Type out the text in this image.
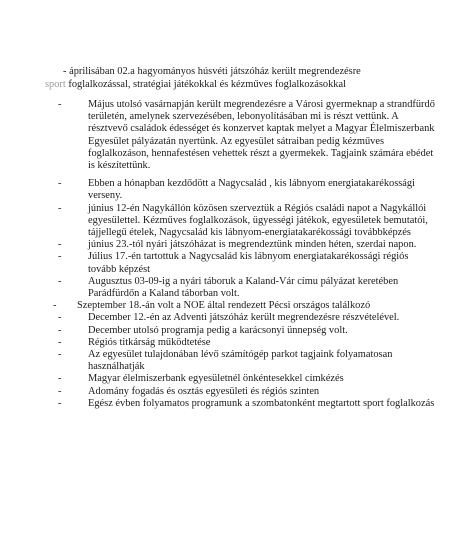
- áprilisában 02.a hagyományos húsvéti játszóház került megrendezésre
sport foglalkozással, stratégiai játékokkal és kézműves foglalkozásokkal
-	Május utolsó vasárnapján került megrendezésre a Városi gyermeknap a strandfürdő területén, amelynek szervezésében, lebonyolításában mi is részt vettünk. A résztvevő családok édességet és konzervet kaptak melyet a Magyar Élelmiszerbank Egyesület pályázatán nyertünk. Az egyesület sátraiban pedig kézműves foglalkozáson, hennafestésen vehettek részt a gyermekek. Tagjaink számára ebédet is készítettünk.
-	Ebben a hónapban kezdődött a Nagycsalád , kis lábnyom energiatakarékossági verseny.
-	június 12-én Nagykállón közösen szerveztük a Régiós családi napot a Nagykállói egyesülettel. Kézműves foglalkozások, ügyességi játékok, egyesületek bemutatói, tájjellegű ételek, Nagycsalád kis lábnyom-energiatakarékossági továbbképzés
-	június 23.-tól nyári játszóházat is megrendeztünk minden héten, szerdai napon.
-	Július 17.-én tartottuk a Nagycsalád kis lábnyom energiatakarékossági régiós tovább képzést
-	Augusztus 03-09-ig a nyári táboruk a Kaland-Vár címu pályázat keretében Parádfürdőn a Kaland táborban volt.
-	Szeptember 18.-án volt a NOE által rendezett Pécsi országos találkozó
-	December 12.-én az Adventi játszóház került megrendezésre részvételével.
-	December utolsó programja pedig a karácsonyi ünnepség volt.
-	Régiós titkárság működtetése
-	Az egyesület tulajdonában lévő számítógép parkot tagjaink folyamatosan használhatják
-	Magyar élelmiszerbank egyesületnél önkéntesekkel címkézés
-	Adomány fogadás és osztás egyesületi és régiós szinten
-	Egész évben folyamatos programunk a szombatonként megtartott sport foglalkozás
